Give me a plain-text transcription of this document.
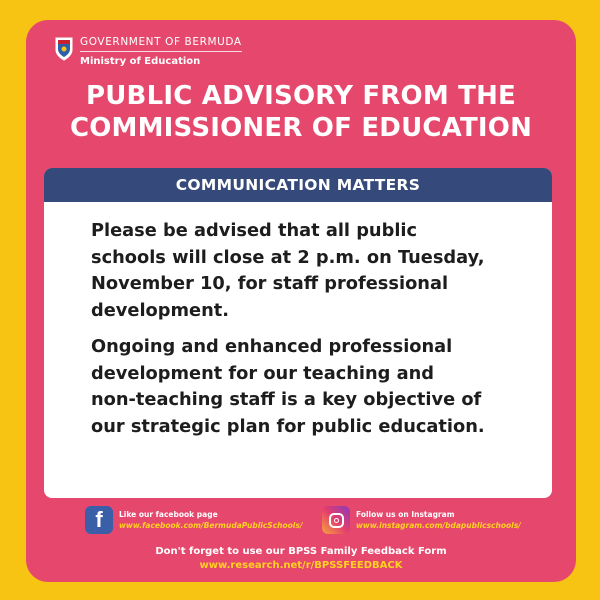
GOVERNMENT OF BERMUDA
Ministry of Education
PUBLIC ADVISORY FROM THE
COMMISSIONER OF EDUCATION
COMMUNICATION MATTERS

Please be advised that all public
schools will close at 2 p.m. on Tuesday,
November 10, for staff professional
development.

Ongoing and enhanced professional
development for our teaching and
non-teaching staff is a key objective of
our strategic plan for public education.

f	Like our facebook page
www.facebook.com/BermudaPublicSchools/
Follow us on Instagram
www.instagram.com/bdapublicschools/
Don't forget to use our BPSS Family Feedback Form
www.research.net/r/BPSSFEEDBACK
